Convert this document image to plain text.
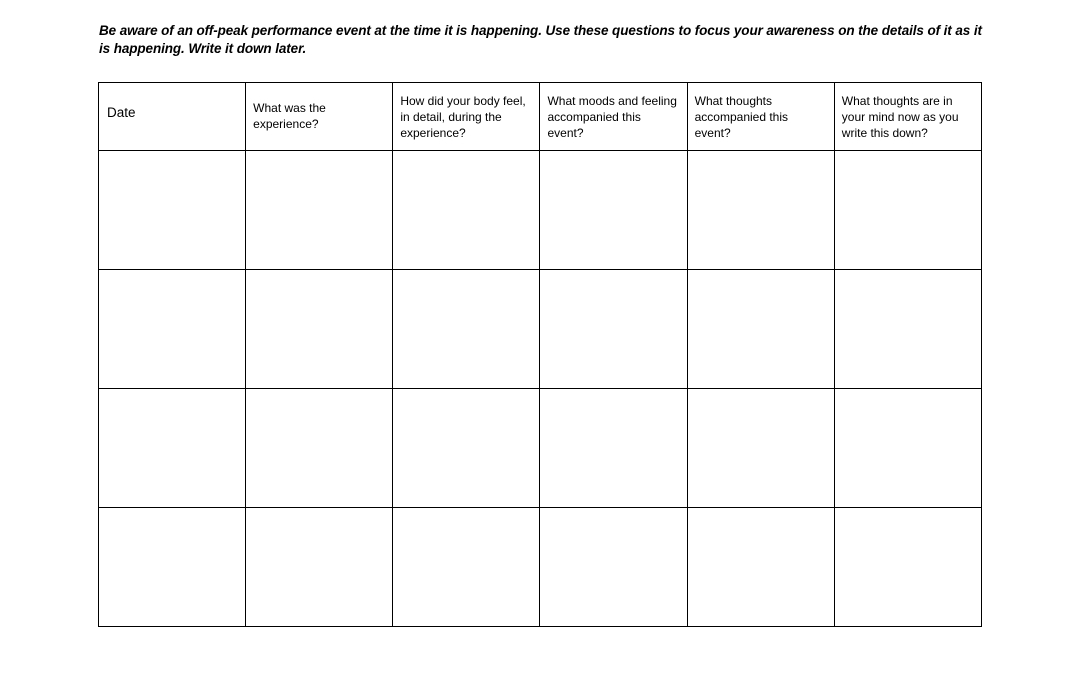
Be aware of an off-peak performance event at the time it is happening. Use these questions to focus your awareness on the details of it as it is happening. Write it down later.
Date	What was the experience?	How did your body feel, in detail, during the experience?	What moods and feeling accompanied this event?	What thoughts accompanied this event?	What thoughts are in your mind now as you write this down?
